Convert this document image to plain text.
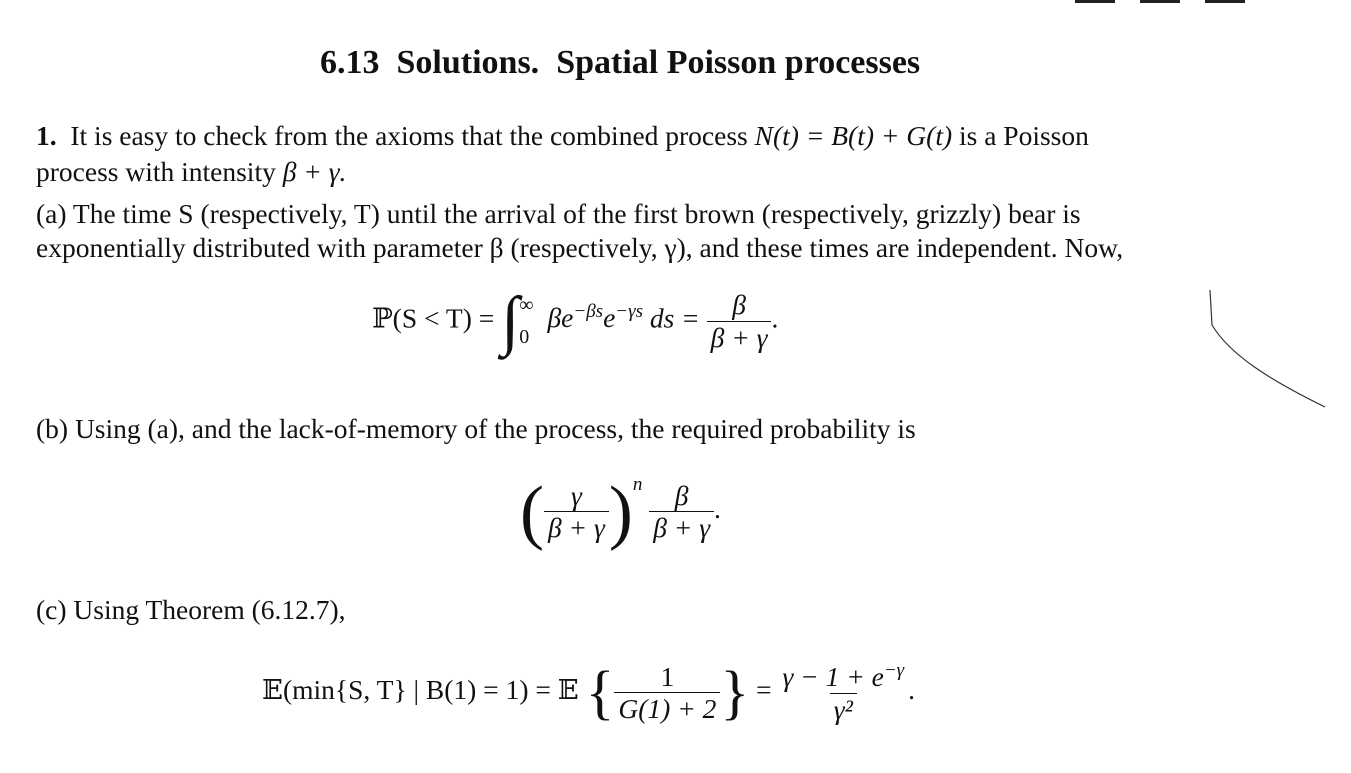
6.13 Solutions. Spatial Poisson processes
1. It is easy to check from the axioms that the combined process N(t) = B(t) + G(t) is a Poisson
process with intensity β + γ.
(a) The time S (respectively, T) until the arrival of the first brown (respectively, grizzly) bear is
exponentially distributed with parameter β (respectively, γ), and these times are independent. Now,
ℙ(S < T) = ∫ ∞
0
$\beta e^{-\beta s}e^{-\gamma s}$ ds = $\frac{\beta}{\beta + \gamma}$ .
(b) Using (a), and the lack-of-memory of the process, the required probability is
( $\frac{\gamma}{\beta + \gamma} )^n \frac{\beta}{\beta + \gamma}$ .
(c) Using Theorem (6.12.7),
𝔼(min{S, T} | B(1) = 1) = 𝔼 { $\frac{1}{G(1) + 2}$ } = $\frac{\gamma - 1 + e^{-\gamma}}{\text{γ²}}$ .
